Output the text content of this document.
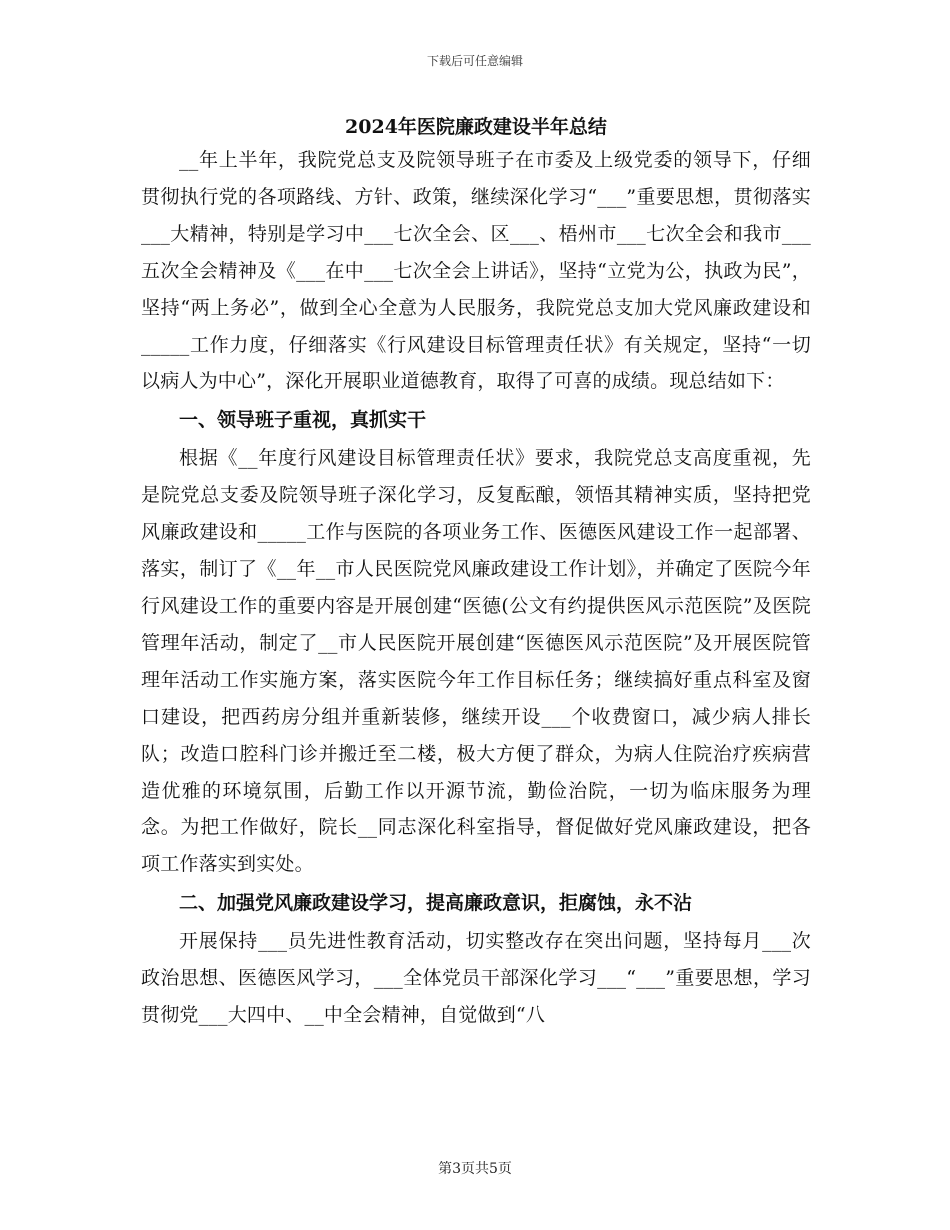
下载后可任意编辑
2024年医院廉政建设半年总结

__年上半年，我院党总支及院领导班子在市委及上级党委的领导下，仔细贯彻执行党的各项路线、方针、政策，继续深化学习“___”重要思想，贯彻落实___大精神，特别是学习中___七次全会、区___、梧州市___七次全会和我市___五次全会精神及《___在中___七次全会上讲话》，坚持“立党为公，执政为民”，坚持“两上务必”，做到全心全意为人民服务，我院党总支加大党风廉政建设和_____工作力度，仔细落实《行风建设目标管理责任状》有关规定，坚持“一切以病人为中心”，深化开展职业道德教育，取得了可喜的成绩。现总结如下：

一、领导班子重视，真抓实干

根据《__年度行风建设目标管理责任状》要求，我院党总支高度重视，先是院党总支委及院领导班子深化学习，反复酝酿，领悟其精神实质，坚持把党风廉政建设和_____工作与医院的各项业务工作、医德医风建设工作一起部署、落实，制订了《__年__市人民医院党风廉政建设工作计划》，并确定了医院今年行风建设工作的重要内容是开展创建“医德(公文有约提供医风示范医院”及医院管理年活动，制定了__市人民医院开展创建“医德医风示范医院”及开展医院管理年活动工作实施方案，落实医院今年工作目标任务；继续搞好重点科室及窗口建设，把西药房分组并重新装修，继续开设___个收费窗口，减少病人排长队；改造口腔科门诊并搬迁至二楼，极大方便了群众，为病人住院治疗疾病营造优雅的环境氛围，后勤工作以开源节流，勤俭治院，一切为临床服务为理念。为把工作做好，院长__同志深化科室指导，督促做好党风廉政建设，把各项工作落实到实处。

二、加强党风廉政建设学习，提高廉政意识，拒腐蚀，永不沾

开展保持___员先进性教育活动，切实整改存在突出问题，坚持每月___次政治思想、医德医风学习，___全体党员干部深化学习___“___”重要思想，学习贯彻党___大四中、__中全会精神，自觉做到“八

第3页共5页
